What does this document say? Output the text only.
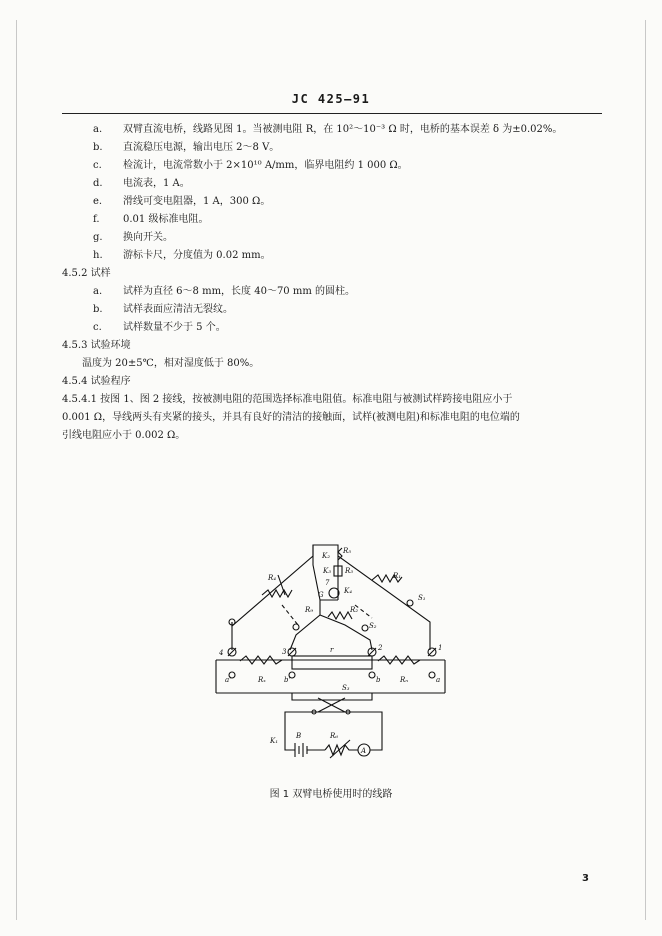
JC 425—91
a. 双臂直流电桥，线路见图 1。当被测电阻 R，在 10²～10⁻³ Ω 时，电桥的基本误差 δ 为±0.02%。
b. 直流稳压电源，输出电压 2～8 V。
c. 检流计，电流常数小于 2×10¹⁰ A/mm，临界电阻约 1 000 Ω。
d. 电流表，1 A。
e. 滑线可变电阻器，1 A，300 Ω。
f. 0.01 级标准电阻。
g. 换向开关。
h. 游标卡尺，分度值为 0.02 mm。
4.5.2 试样
a. 试样为直径 6～8 mm，长度 40～70 mm 的圆柱。
b. 试样表面应清洁无裂纹。
c. 试样数量不少于 5 个。
4.5.3 试验环境
温度为 20±5℃，相对湿度低于 80%。
4.5.4 试验程序
4.5.4.1 按图 1、图 2 接线，按被测电阻的范围选择标准电阻值。标准电阻与被测试样跨接电阻应小于
0.001 Ω，导线两头有夹紧的接头，并具有良好的清洁的接触面，试样(被测电阻)和标准电阻的电位端的
引线电阻应小于 0.002 Ω。
K₂
R₅
K₃ R₃
G
7
K₄
R₄	R₁
S₁
R₂
R₉
S₂
r
4	3	2	1
a'	b'	b	a
Rₓ	Rₙ
S₃
K₁
B	R₆
A
图 1 双臂电桥使用时的线路
3
